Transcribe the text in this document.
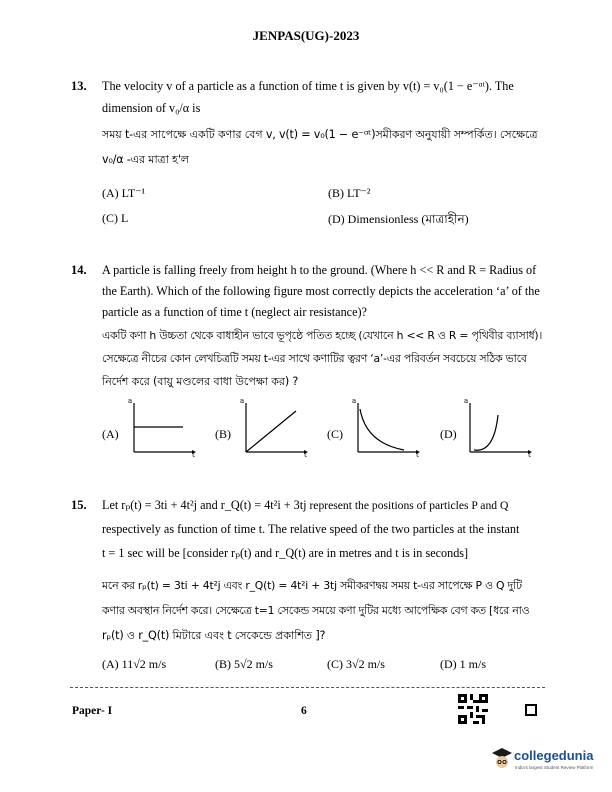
JENPAS(UG)-2023
13. The velocity v of a particle as a function of time t is given by v(t) = v₀(1 − e⁻ᵅᵗ). The
dimension of v₀/α is
সময় t-এর সাপেক্ষে একটি কণার বেগ v, v(t) = v₀(1 − e⁻ᵅᵗ)সমীকরণ অনুযায়ী সম্পর্কিত। সেক্ষেত্রে
v₀/α -এর মাত্রা হ'ল
(A) LT⁻¹	(B) LT⁻²
(C) L	(D) Dimensionless (মাত্রাহীন)
14. A particle is falling freely from height h to the ground. (Where h << R and R = Radius of
the Earth). Which of the following figure most correctly depicts the acceleration ‘a’ of the
particle as a function of time t (neglect air resistance)?
একটি কণা h উচ্চতা থেকে বাধাহীন ভাবে ভূপৃষ্ঠে পতিত হচ্ছে (যেখানে h << R ও R = পৃথিবীর ব্যাসার্ধ)।
সেক্ষেত্রে নীচের কোন লেখচিত্রটি সময় t-এর সাথে কণাটির ত্বরণ ‘a’-এর পরিবর্তন সবচেয়ে সঠিক ভাবে
নির্দেশ করে (বায়ু মণ্ডলের বাধা উপেক্ষা কর) ?
(A)
a
t
(B)
a
t
(C)
a
t
(D)
a
t
15. Let rₚ(t) = 3ti + 4t²j and r_Q(t) = 4t²i + 3tj represent the positions of particles P and Q
respectively as function of time t. The relative speed of the two particles at the instant
t = 1 sec will be [consider rₚ(t) and r_Q(t) are in metres and t is in seconds]
মনে কর rₚ(t) = 3ti + 4t²j এবং r_Q(t) = 4t²i + 3tj সমীকরণদ্বয় সময় t-এর সাপেক্ষে P ও Q দুটি
কণার অবস্থান নির্দেশ করে। সেক্ষেত্রে t=1 সেকেন্ড সময়ে কণা দুটির মধ্যে আপেক্ষিক বেগ কত [ধরে নাও
rₚ(t) ও r_Q(t) মিটারে এবং t সেকেন্ডে প্রকাশিত ]?
(A) 11√2 m/s	(B) 5√2 m/s	(C) 3√2 m/s	(D) 1 m/s
Paper- I	6
collegedunia
India's largest Student Review Platform
